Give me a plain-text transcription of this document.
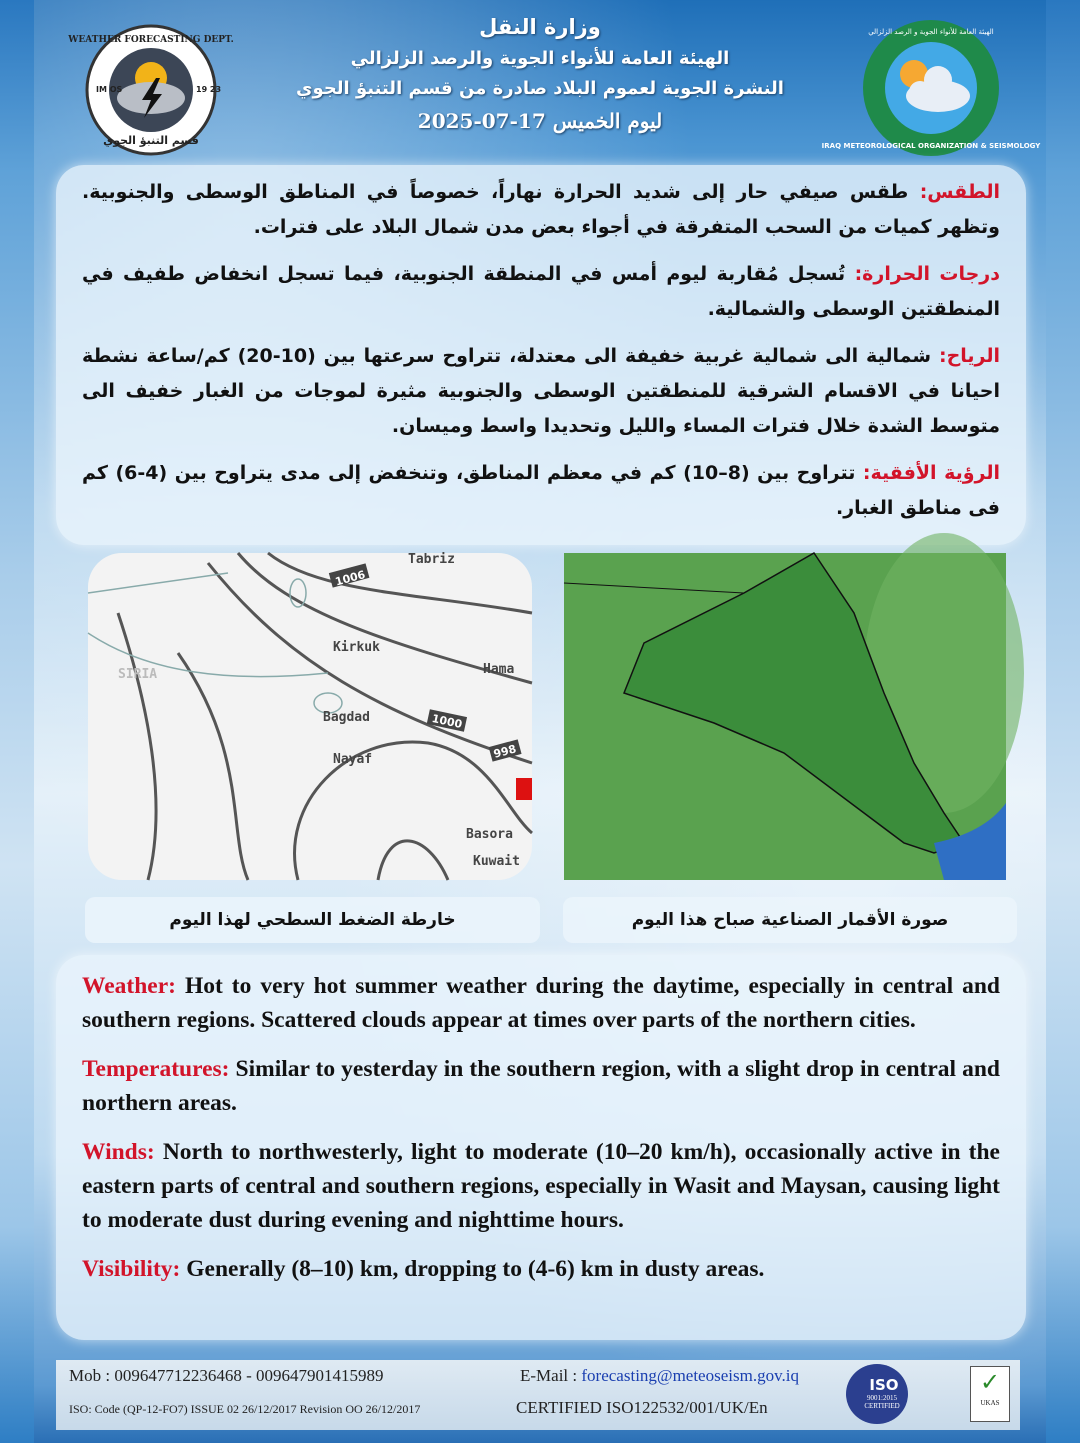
WEATHER FORECASTING DEPT.
IM OS	19 23
قسم التنبؤ الجوي
وزارة النقل
الهيئة العامة للأنواء الجوية والرصد الزلزالي
النشرة الجوية لعموم البلاد صادرة من قسم التنبؤ الجوي
ليوم الخميس 17-07-2025
IRAQ METEOROLOGICAL ORGANIZATION & SEISMOLOGY
الهيئة العامة للأنواء الجوية و الرصد الزلزالي

الطقس: طقس صيفي حار إلى شديد الحرارة نهاراً، خصوصاً في المناطق الوسطى والجنوبية. وتظهر كميات من السحب المتفرقة في أجواء بعض مدن شمال البلاد على فترات.

درجات الحرارة: تُسجل مُقاربة ليوم أمس في المنطقة الجنوبية، فيما تسجل انخفاض طفيف في المنطقتين الوسطى والشمالية.

الرياح: شمالية الى شمالية غربية خفيفة الى معتدلة، تتراوح سرعتها بين (10-20) كم/ساعة نشطة احيانا في الاقسام الشرقية للمنطقتين الوسطى والجنوبية مثيرة لموجات من الغبار خفيف الى متوسط الشدة خلال فترات المساء والليل وتحديدا واسط وميسان.

الرؤية الأفقية: تتراوح بين (8–10) كم في معظم المناطق، وتنخفض إلى مدى يتراوح بين (4-6) كم فى مناطق الغبار.

Tabriz
Kirkuk
Hama
Bagdad
Nayaf
Basora
Kuwait
SIRIA
1006
1000
998
خارطة الضغط السطحي لهذا اليوم	صورة الأقمار الصناعية صباح هذا اليوم

Weather: Hot to very hot summer weather during the daytime, especially in central and southern regions. Scattered clouds appear at times over parts of the northern cities.

Temperatures: Similar to yesterday in the southern region, with a slight drop in central and northern areas.

Winds: North to northwesterly, light to moderate (10–20 km/h), occasionally active in the eastern parts of central and southern regions, especially in Wasit and Maysan, causing light to moderate dust during evening and nighttime hours.

Visibility: Generally (8–10) km, dropping to (4-6) km in dusty areas.

Mob : 009647712236468 - 009647901415989	E-Mail : forecasting@meteoseism.gov.iq
ISO: Code (QP-12-FO7) ISSUE 02 26/12/2017 Revision OO 26/12/2017	CERTIFIED ISO122532/001/UK/En
ISO
9001:2015 CERTIFIED
✓
UKAS
